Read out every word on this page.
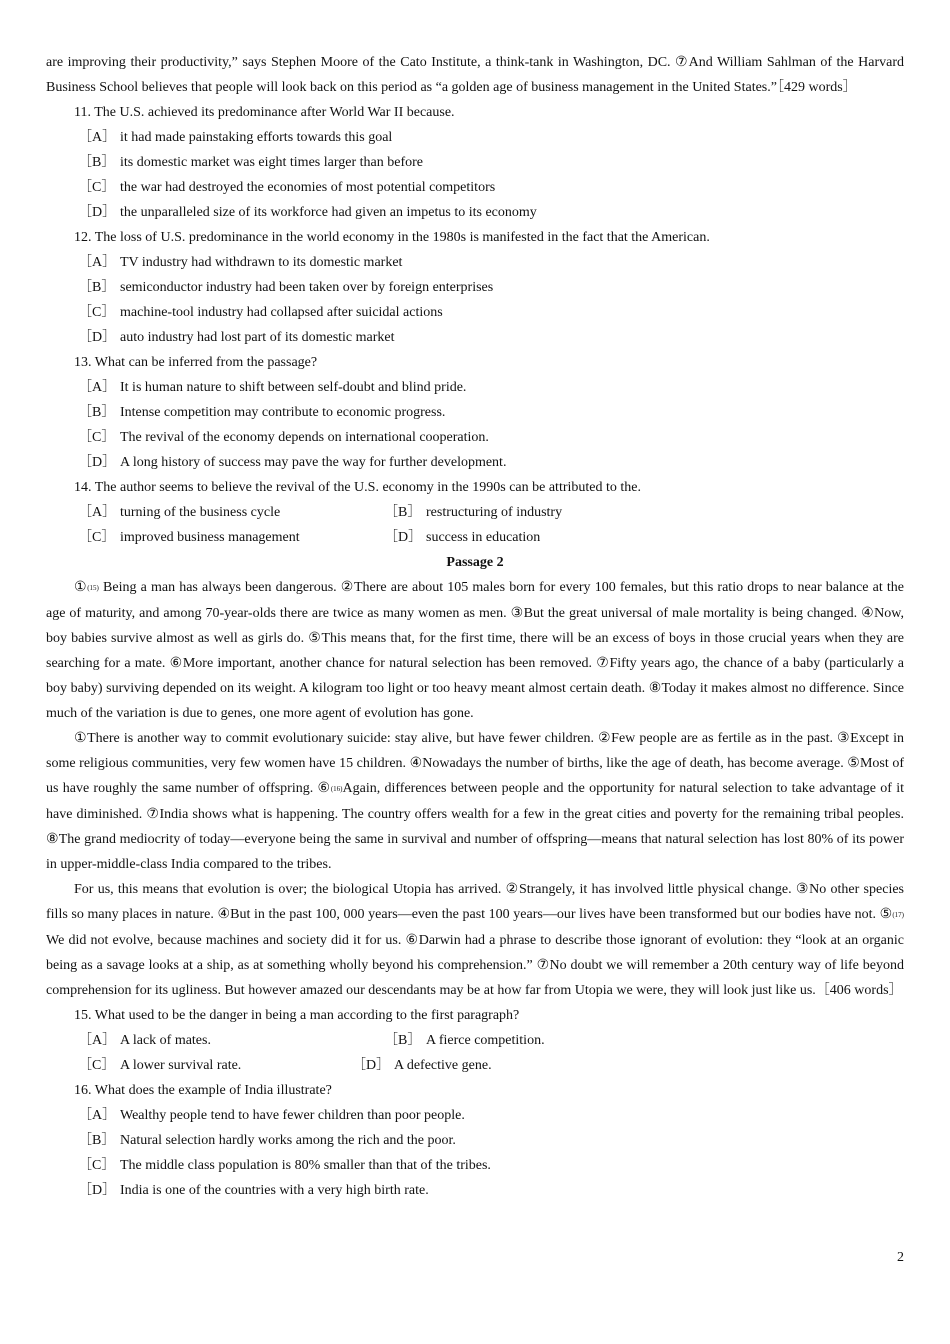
are improving their productivity,” says Stephen Moore of the Cato Institute, a think-tank in Washington, DC. ⑦And William Sahlman of the Harvard Business School believes that people will look back on this period as “a golden age of business management in the United States.”［429 words］

11. The U.S. achieved its predominance after World War II because.

［A］ it had made painstaking efforts towards this goal

［B］ its domestic market was eight times larger than before

［C］ the war had destroyed the economies of most potential competitors

［D］ the unparalleled size of its workforce had given an impetus to its economy

12. The loss of U.S. predominance in the world economy in the 1980s is manifested in the fact that the American.

［A］ TV industry had withdrawn to its domestic market

［B］ semiconductor industry had been taken over by foreign enterprises

［C］ machine-tool industry had collapsed after suicidal actions

［D］ auto industry had lost part of its domestic market

13. What can be inferred from the passage?

［A］ It is human nature to shift between self-doubt and blind pride.

［B］ Intense competition may contribute to economic progress.

［C］ The revival of the economy depends on international cooperation.

［D］ A long history of success may pave the way for further development.

14. The author seems to believe the revival of the U.S. economy in the 1990s can be attributed to the.

［A］ turning of the business cycle	［B］ restructuring of industry
［C］ improved business management	［D］ success in education

Passage 2

①(15) Being a man has always been dangerous. ②There are about 105 males born for every 100 females, but this ratio drops to near balance at the age of maturity, and among 70-year-olds there are twice as many women as men. ③But the great universal of male mortality is being changed. ④Now, boy babies survive almost as well as girls do. ⑤This means that, for the first time, there will be an excess of boys in those crucial years when they are searching for a mate. ⑥More important, another chance for natural selection has been removed. ⑦Fifty years ago, the chance of a baby (particularly a boy baby) surviving depended on its weight. A kilogram too light or too heavy meant almost certain death. ⑧Today it makes almost no difference. Since much of the variation is due to genes, one more agent of evolution has gone.

①There is another way to commit evolutionary suicide: stay alive, but have fewer children. ②Few people are as fertile as in the past. ③Except in some religious communities, very few women have 15 children. ④Nowadays the number of births, like the age of death, has become average. ⑤Most of us have roughly the same number of offspring. ⑥(16)Again, differences between people and the opportunity for natural selection to take advantage of it have diminished. ⑦India shows what is happening. The country offers wealth for a few in the great cities and poverty for the remaining tribal peoples. ⑧The grand mediocrity of today—everyone being the same in survival and number of offspring—means that natural selection has lost 80% of its power in upper-middle-class India compared to the tribes.

For us, this means that evolution is over; the biological Utopia has arrived. ②Strangely, it has involved little physical change. ③No other species fills so many places in nature. ④But in the past 100, 000 years—even the past 100 years—our lives have been transformed but our bodies have not. ⑤(17) We did not evolve, because machines and society did it for us. ⑥Darwin had a phrase to describe those ignorant of evolution: they “look at an organic being as a savage looks at a ship, as at something wholly beyond his comprehension.” ⑦No doubt we will remember a 20th century way of life beyond comprehension for its ugliness. But however amazed our descendants may be at how far from Utopia we were, they will look just like us.［406 words］

15. What used to be the danger in being a man according to the first paragraph?

［A］ A lack of mates.	［B］ A fierce competition.
［C］ A lower survival rate.	［D］ A defective gene.

16. What does the example of India illustrate?

［A］ Wealthy people tend to have fewer children than poor people.

［B］ Natural selection hardly works among the rich and the poor.

［C］ The middle class population is 80% smaller than that of the tribes.

［D］ India is one of the countries with a very high birth rate.

2
